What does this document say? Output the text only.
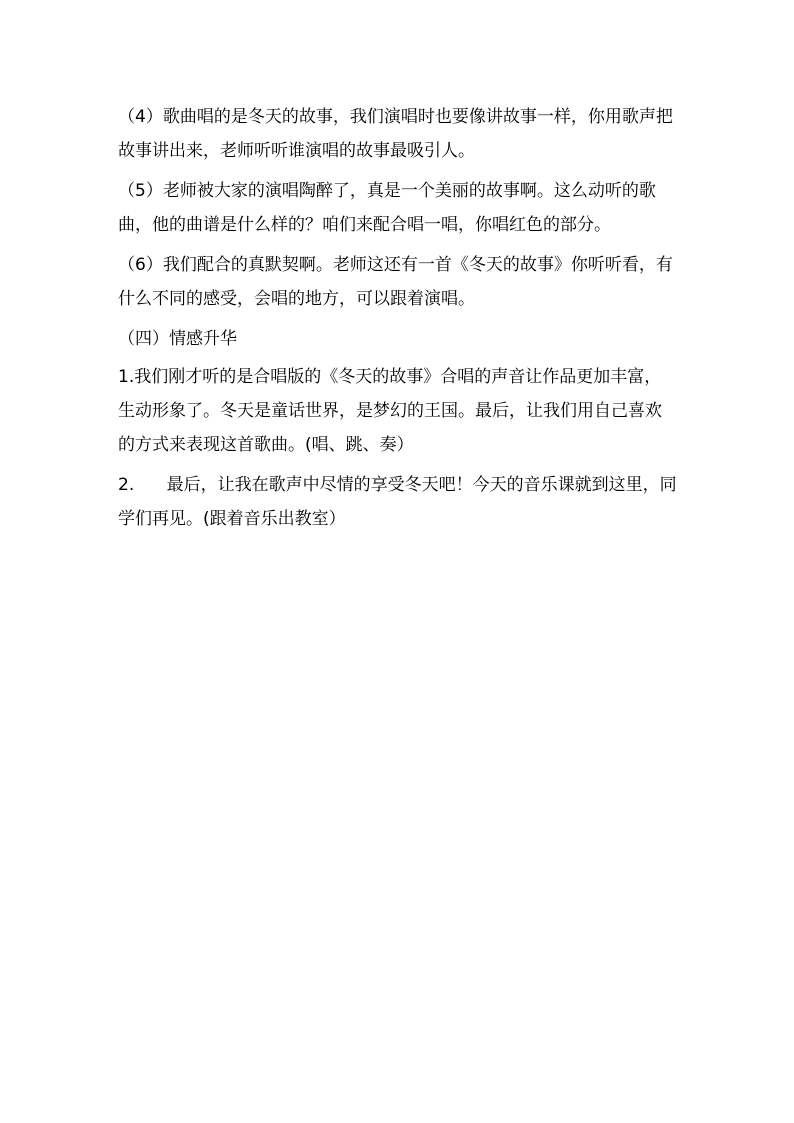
（4）歌曲唱的是冬天的故事，我们演唱时也要像讲故事一样，你用歌声把故事讲出来，老师听听谁演唱的故事最吸引人。

（5）老师被大家的演唱陶醉了，真是一个美丽的故事啊。这么动听的歌曲，他的曲谱是什么样的？咱们来配合唱一唱，你唱红色的部分。

（6）我们配合的真默契啊。老师这还有一首《冬天的故事》你听听看，有什么不同的感受，会唱的地方，可以跟着演唱。

（四）情感升华

1.我们刚才听的是合唱版的《冬天的故事》合唱的声音让作品更加丰富，生动形象了。冬天是童话世界，是梦幻的王国。最后，让我们用自己喜欢的方式来表现这首歌曲。(唱、跳、奏）

2.      最后，让我在歌声中尽情的享受冬天吧！今天的音乐课就到这里，同学们再见。(跟着音乐出教室）
